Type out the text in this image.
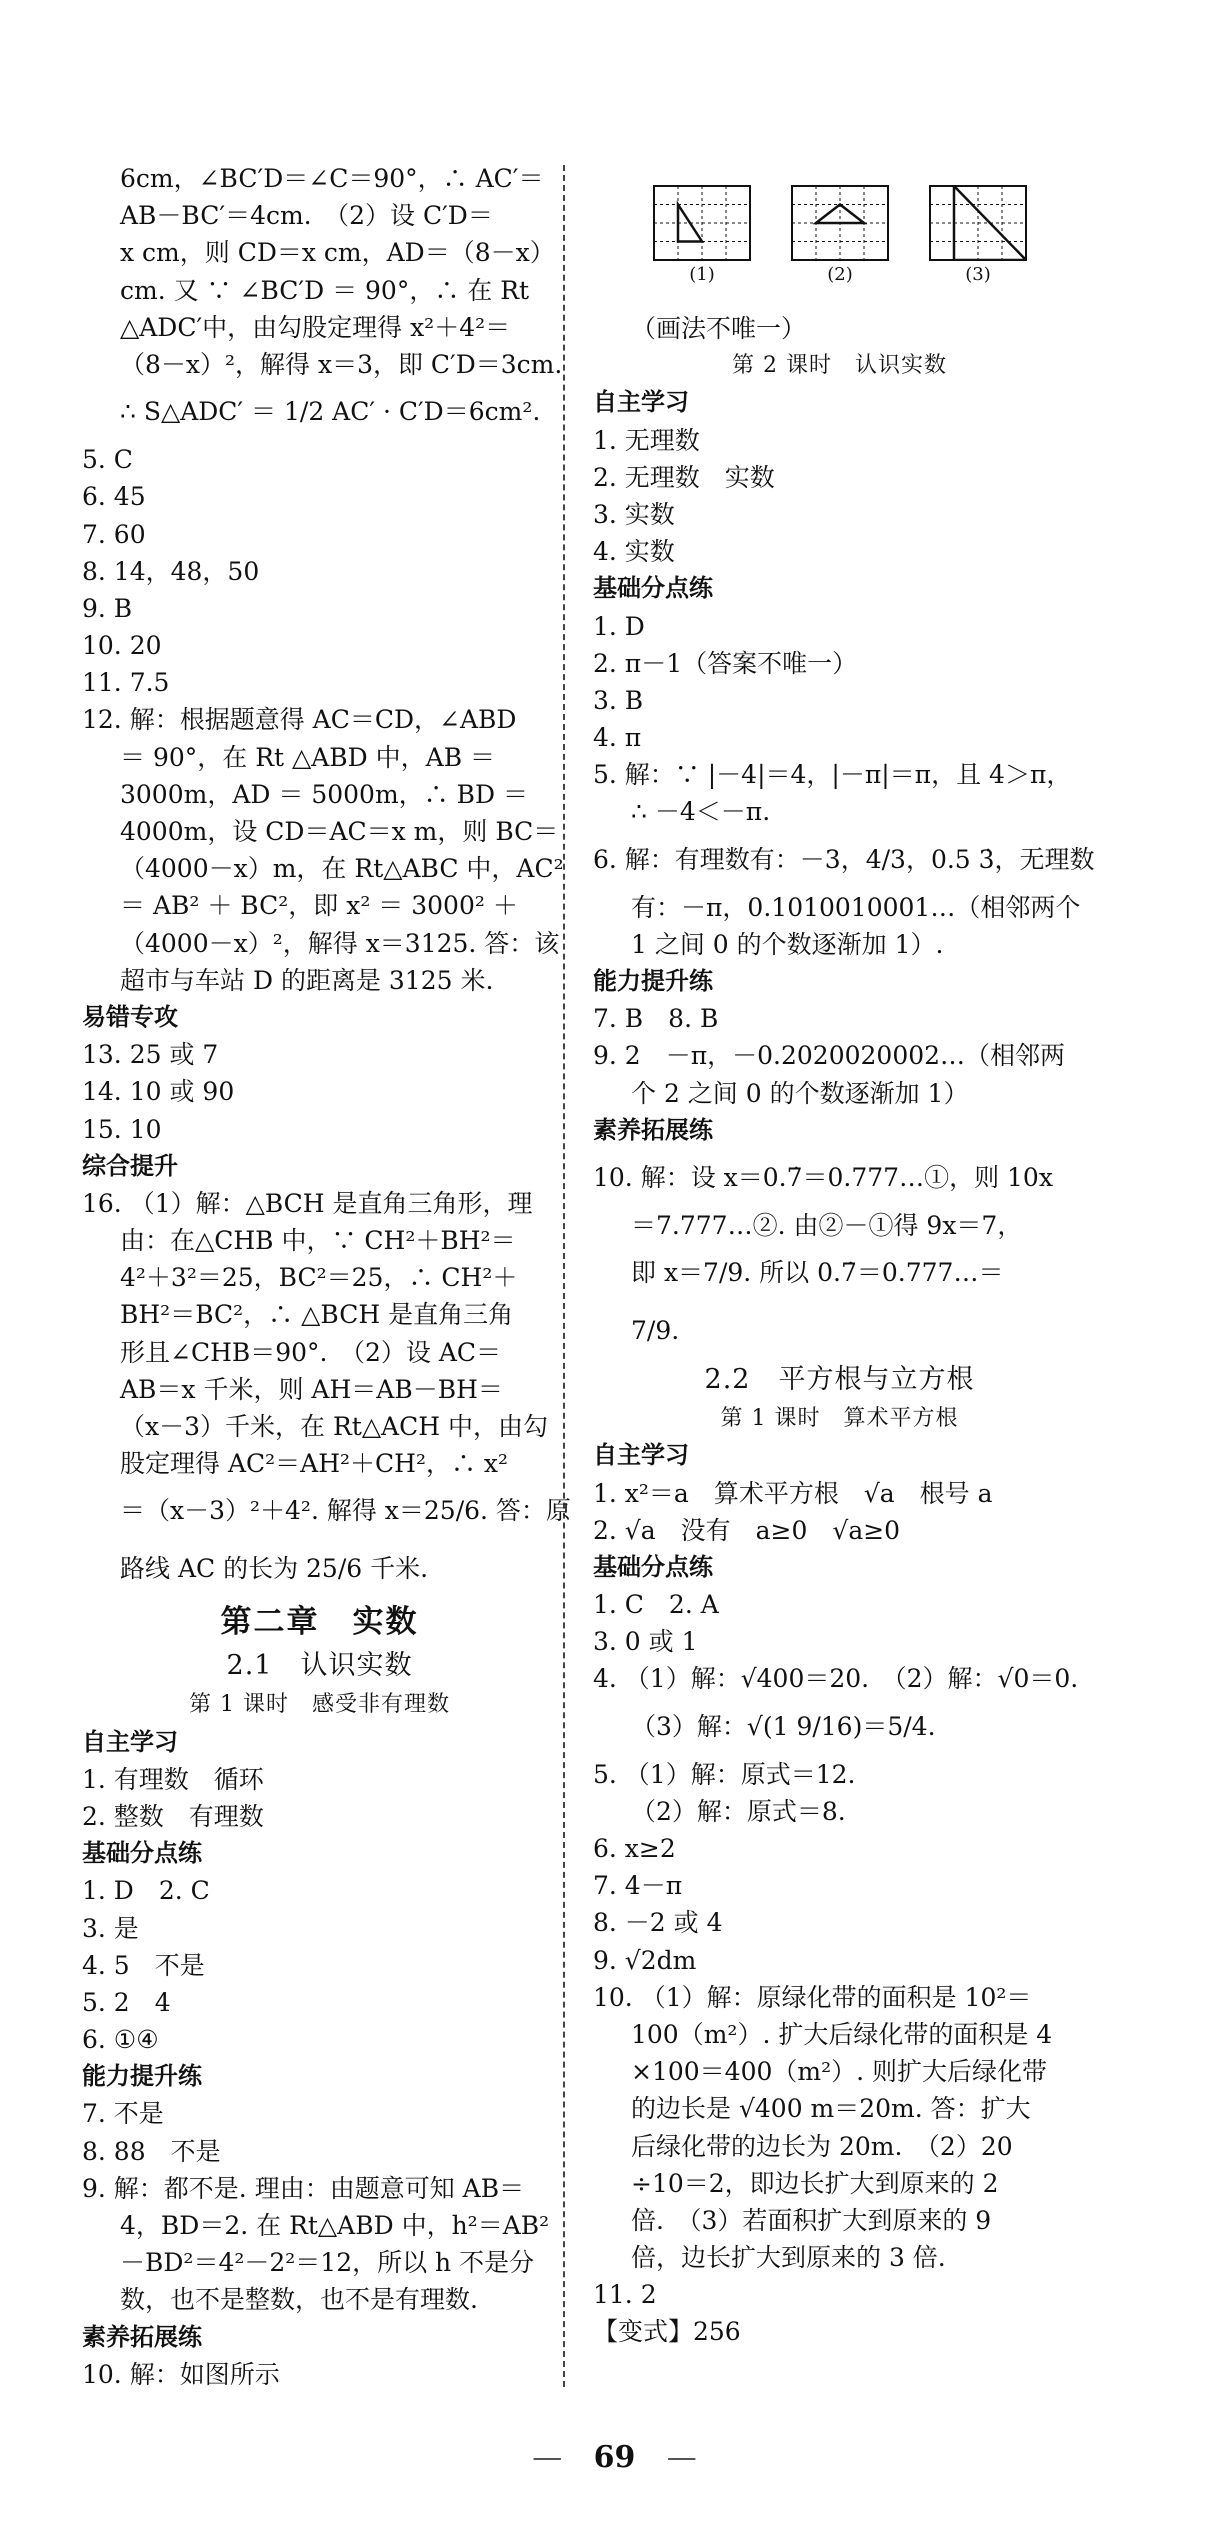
6cm，∠BC′D＝∠C＝90°，∴ AC′＝
AB－BC′＝4cm.　（2）设 C′D＝
x cm，则 CD＝x cm，AD＝（8－x）
cm. 又 ∵ ∠BC′D ＝ 90°，∴ 在 Rt
△ADC′中，由勾股定理得 x²＋4²＝
（8－x）²，解得 x＝3，即 C′D＝3cm.
∴ S△ADC′ ＝ 1/2 AC′ · C′D＝6cm².
5. C
6. 45
7. 60
8. 14，48，50
9. B
10. 20
11. 7.5
12. 解：根据题意得 AC＝CD，∠ABD
＝ 90°，在 Rt △ABD 中，AB ＝
3000m，AD ＝ 5000m，∴ BD ＝
4000m，设 CD＝AC＝x m，则 BC＝
（4000－x）m，在 Rt△ABC 中，AC²
＝ AB² ＋ BC²，即 x² ＝ 3000² ＋
（4000－x）²，解得 x＝3125. 答：该
超市与车站 D 的距离是 3125 米.
易错专攻
13. 25 或 7
14. 10 或 90
15. 10
综合提升
16. （1）解：△BCH 是直角三角形，理
由：在△CHB 中，∵ CH²＋BH²＝
4²＋3²＝25，BC²＝25，∴ CH²＋
BH²＝BC²，∴ △BCH 是直角三角
形且∠CHB＝90°.　（2）设 AC＝
AB＝x 千米，则 AH＝AB－BH＝
（x－3）千米，在 Rt△ACH 中，由勾
股定理得 AC²＝AH²＋CH²，∴ x²
＝（x－3）²＋4². 解得 x＝25/6. 答：原
路线 AC 的长为 25/6 千米.
第二章　实数
2.1　认识实数
第 1 课时　感受非有理数
自主学习
1. 有理数　循环
2. 整数　有理数
基础分点练
1. D　2. C
3. 是
4. 5　不是
5. 2　4
6. ①④
能力提升练
7. 不是
8. 88　不是
9. 解：都不是. 理由：由题意可知 AB＝
4，BD＝2. 在 Rt△ABD 中，h²＝AB²
－BD²＝4²－2²＝12，所以 h 不是分
数，也不是整数，也不是有理数.
素养拓展练
10. 解：如图所示
(1)	(2)	(3)
（画法不唯一）
第 2 课时　认识实数
自主学习
1. 无理数
2. 无理数　实数
3. 实数
4. 实数
基础分点练
1. D
2. π－1（答案不唯一）
3. B
4. π
5. 解：∵ |－4|＝4，|－π|＝π，且 4＞π，
∴ －4＜－π.
6. 解：有理数有：－3，4/3，0.5 3̇，无理数
有：－π，0.1010010001…（相邻两个
1 之间 0 的个数逐渐加 1）.
能力提升练
7. B　8. B
9. 2　－π，－0.2020020002…（相邻两
个 2 之间 0 的个数逐渐加 1）
素养拓展练
10. 解：设 x＝0.7̇＝0.777…①，则 10x
＝7.777…②. 由②－①得 9x＝7，
即 x＝7/9. 所以 0.7̇＝0.777…＝
7/9.
2.2　平方根与立方根
第 1 课时　算术平方根
自主学习
1. x²＝a　算术平方根　√a　根号 a
2. √a　没有　a≥0　√a≥0
基础分点练
1. C　2. A
3. 0 或 1
4. （1）解：√400＝20.　（2）解：√0＝0.
（3）解：√(1 9/16)＝5/4.
5. （1）解：原式＝12.
（2）解：原式＝8.
6. x≥2
7. 4－π
8. －2 或 4
9. √2dm
10. （1）解：原绿化带的面积是 10²＝
100（m²）. 扩大后绿化带的面积是 4
×100＝400（m²）. 则扩大后绿化带
的边长是 √400 m＝20m. 答：扩大
后绿化带的边长为 20m.　（2）20
÷10＝2，即边长扩大到原来的 2
倍.　（3）若面积扩大到原来的 9
倍，边长扩大到原来的 3 倍.
11. 2
【变式】256
— 69 —
